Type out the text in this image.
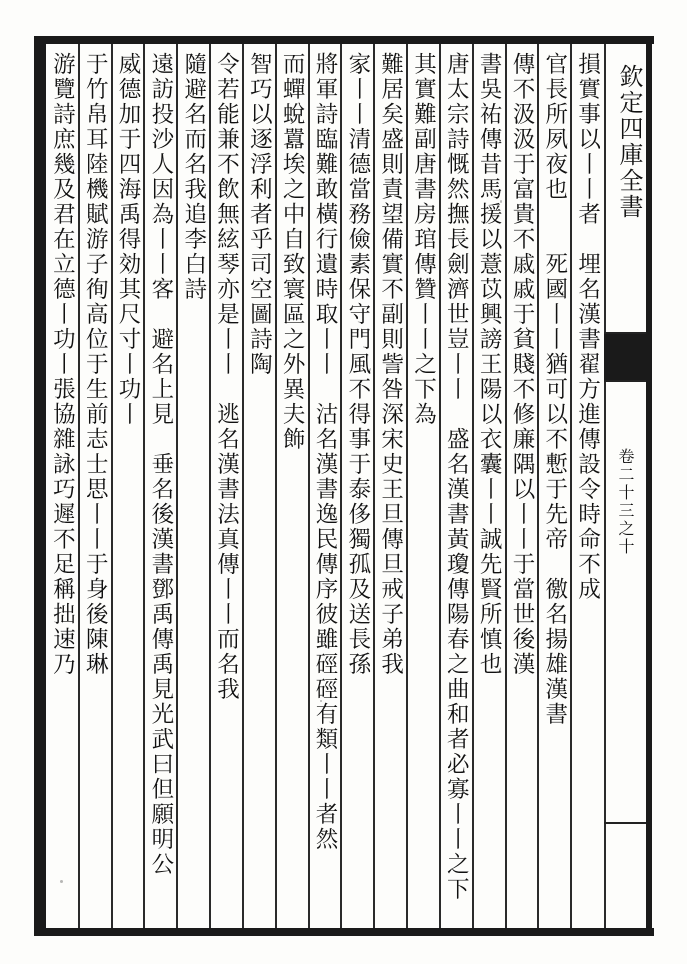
欽定四庫全書
卷二十三之十
損實事以丨丨者　埋名漢書翟方進傳設令時命不成
官長所夙夜也　　死國丨丨猶可以不慙于先帝　徼名揚雄漢書
傳不汲汲于富貴不戚戚于貧賤不修廉隅以丨丨于當世後漢
書吳祐傳昔馬援以薏苡興謗王陽以衣囊丨丨誠先賢所慎也
唐太宗詩慨然撫長劍濟世豈丨丨　盛名漢書黃瓊傳陽春之曲和者必寡丨丨之下
其實難副唐書房琯傳贊丨丨之下為
難居矣盛則責望備實不副則訾咎深宋史王旦傳旦戒子弟我
家丨丨清德當務儉素保守門風不得事于泰侈獨孤及送長孫
將軍詩臨難敢橫行遺時取丨丨　沽名漢書逸民傳序彼雖硜硜有類丨丨者然
而蟬蛻囂埃之中自致寰區之外異夫飾
智巧以逐浮利者乎司空圖詩陶
令若能兼不飲無絃琴亦是丨丨　逃名漢書法真傳丨丨而名我
隨避名而名我追李白詩
遠訪投沙人因為丨丨客　避名上見　垂名後漢書鄧禹傳禹見光武曰但願明公
威德加于四海禹得効其尺寸丨功丨
于竹帛耳陸機賦游子徇高位于生前志士思丨丨于身後陳琳
游覽詩庶幾及君在立德丨功丨張協雜詠巧遲不足稱拙速乃
